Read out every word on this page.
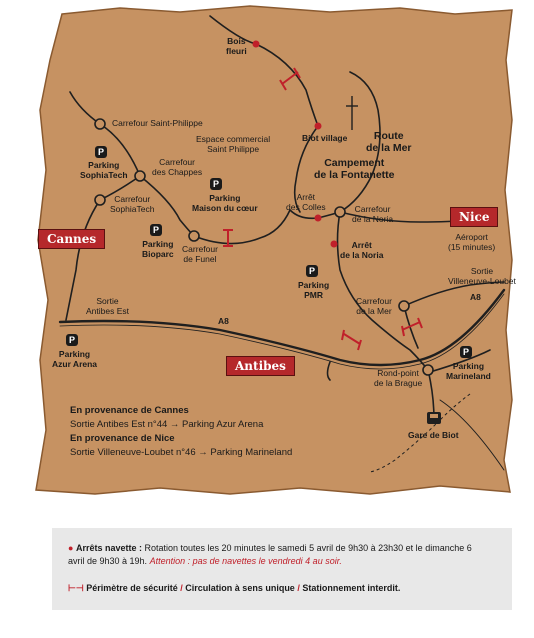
Bois
fleuri
Biot village	Route
de la Mer
Campement
de la Fontanette
Carrefour Saint-Philippe
Espace commercial
Saint Philippe
Carrefour
des Chappes
Carrefour
SophiaTech
Arrêt
des Colles	Carrefour
de la Noria
Arrêt
de la Noria
Carrefour
de Funel
Aéroport
(15 minutes)
Sortie
Villeneuve-Loubet
Sortie
Antibes Est
A8
A8
Carrefour
de la Mer
Rond-point
de la Brague
Gare de Biot
Cannes
Nice
Antibes
P
Parking
SophiaTech
P
Parking
Maison du cœur
P
Parking
Bioparc
P
Parking
PMR
P
Parking
Azur Arena
P
Parking
Marineland
En provenance de Cannes
Sortie Antibes Est n°44 → Parking Azur Arena
En provenance de Nice
Sortie Villeneuve-Loubet n°46 → Parking Marineland
● Arrêts navette : Rotation toutes les 20 minutes le samedi 5 avril de 9h30 à 23h30 et le dimanche 6 avril de 9h30 à 19h. Attention : pas de navettes le vendredi 4 au soir.
⊢⊣ Périmètre de sécurité / Circulation à sens unique / Stationnement interdit.
